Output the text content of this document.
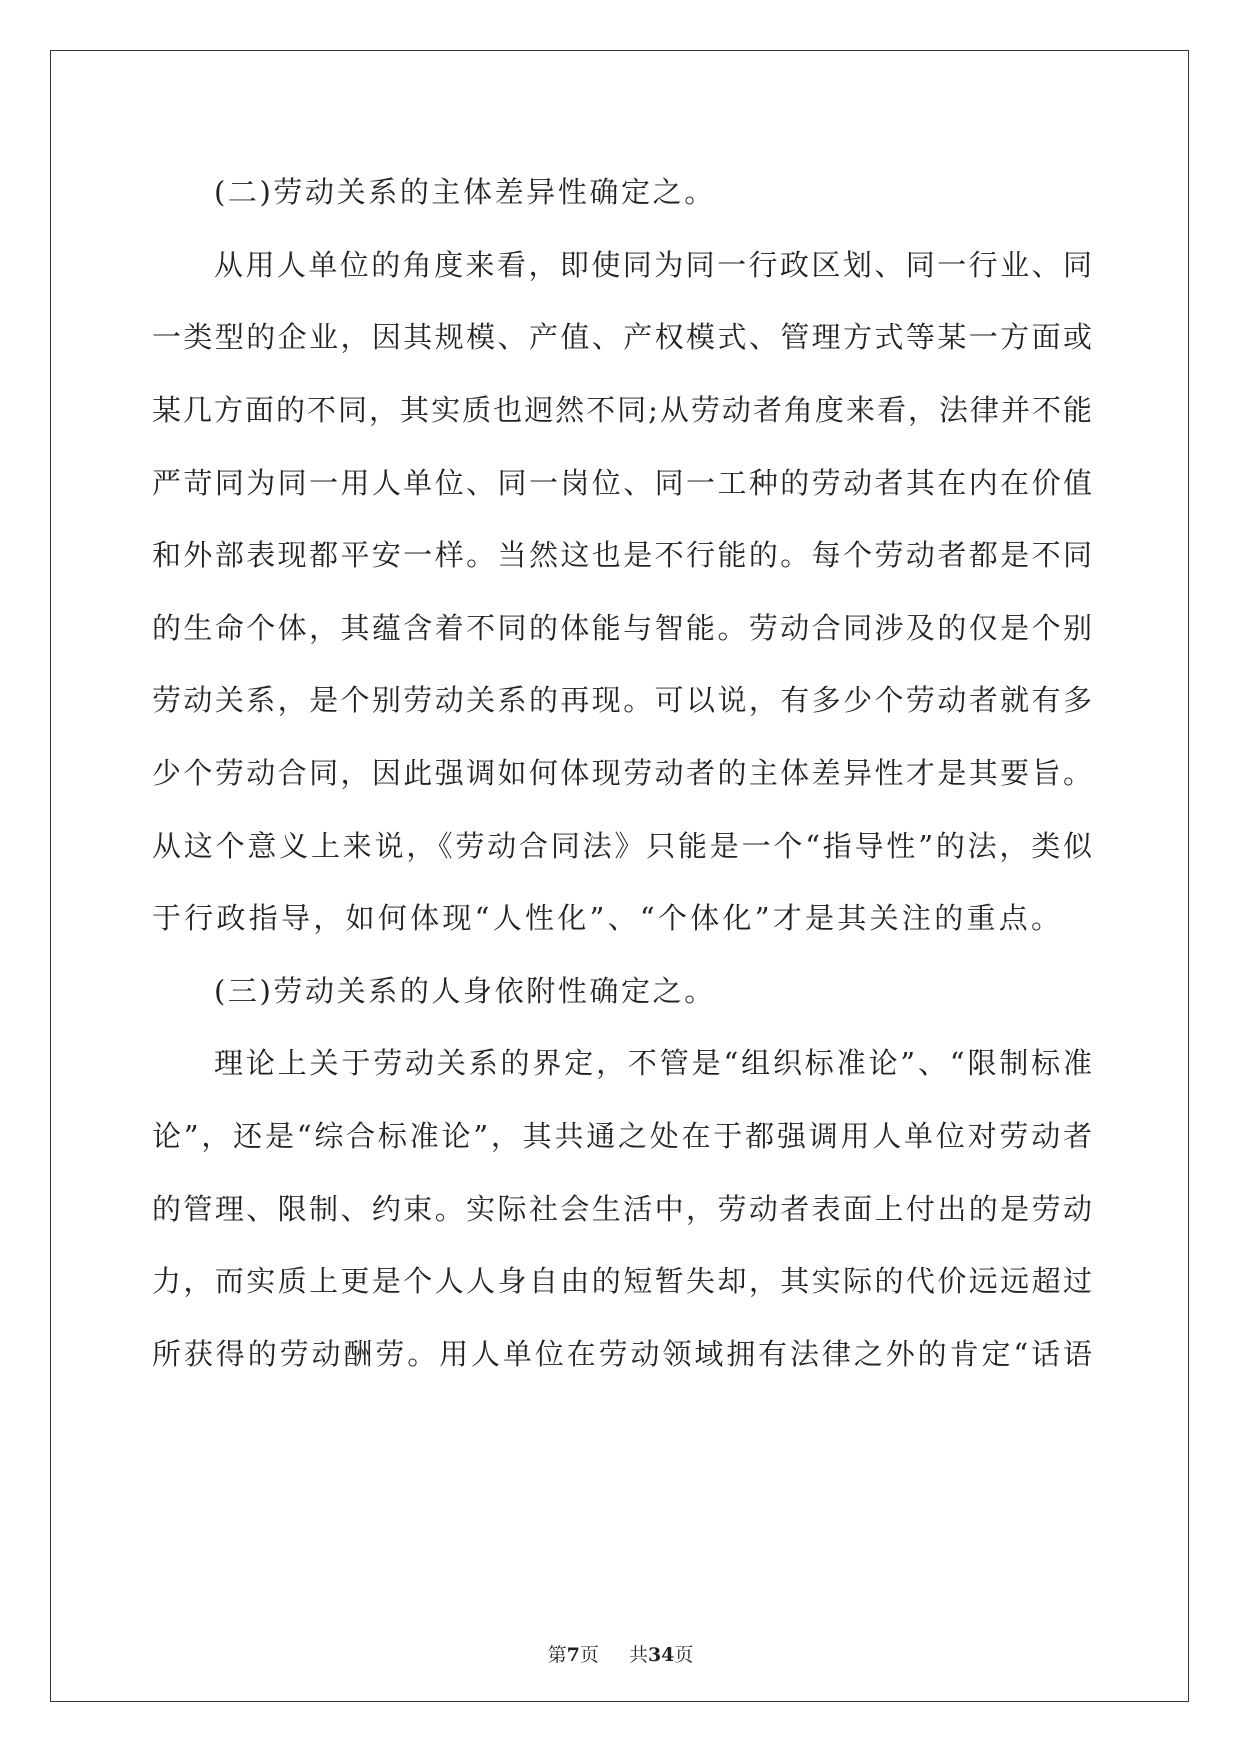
(二)劳动关系的主体差异性确定之。
从用人单位的角度来看，即使同为同一行政区划、同一行业、同
一类型的企业，因其规模、产值、产权模式、管理方式等某一方面或
某几方面的不同，其实质也迥然不同;从劳动者角度来看，法律并不能
严苛同为同一用人单位、同一岗位、同一工种的劳动者其在内在价值
和外部表现都平安一样。当然这也是不行能的。每个劳动者都是不同
的生命个体，其蕴含着不同的体能与智能。劳动合同涉及的仅是个别
劳动关系，是个别劳动关系的再现。可以说，有多少个劳动者就有多
少个劳动合同，因此强调如何体现劳动者的主体差异性才是其要旨。
从这个意义上来说，《劳动合同法》只能是一个“指导性”的法，类似
于行政指导，如何体现“人性化”、“个体化”才是其关注的重点。
(三)劳动关系的人身依附性确定之。
理论上关于劳动关系的界定，不管是“组织标准论”、“限制标准
论”，还是“综合标准论”，其共通之处在于都强调用人单位对劳动者
的管理、限制、约束。实际社会生活中，劳动者表面上付出的是劳动
力，而实质上更是个人人身自由的短暂失却，其实际的代价远远超过
所获得的劳动酬劳。用人单位在劳动领域拥有法律之外的肯定“话语
第7页 共34页
